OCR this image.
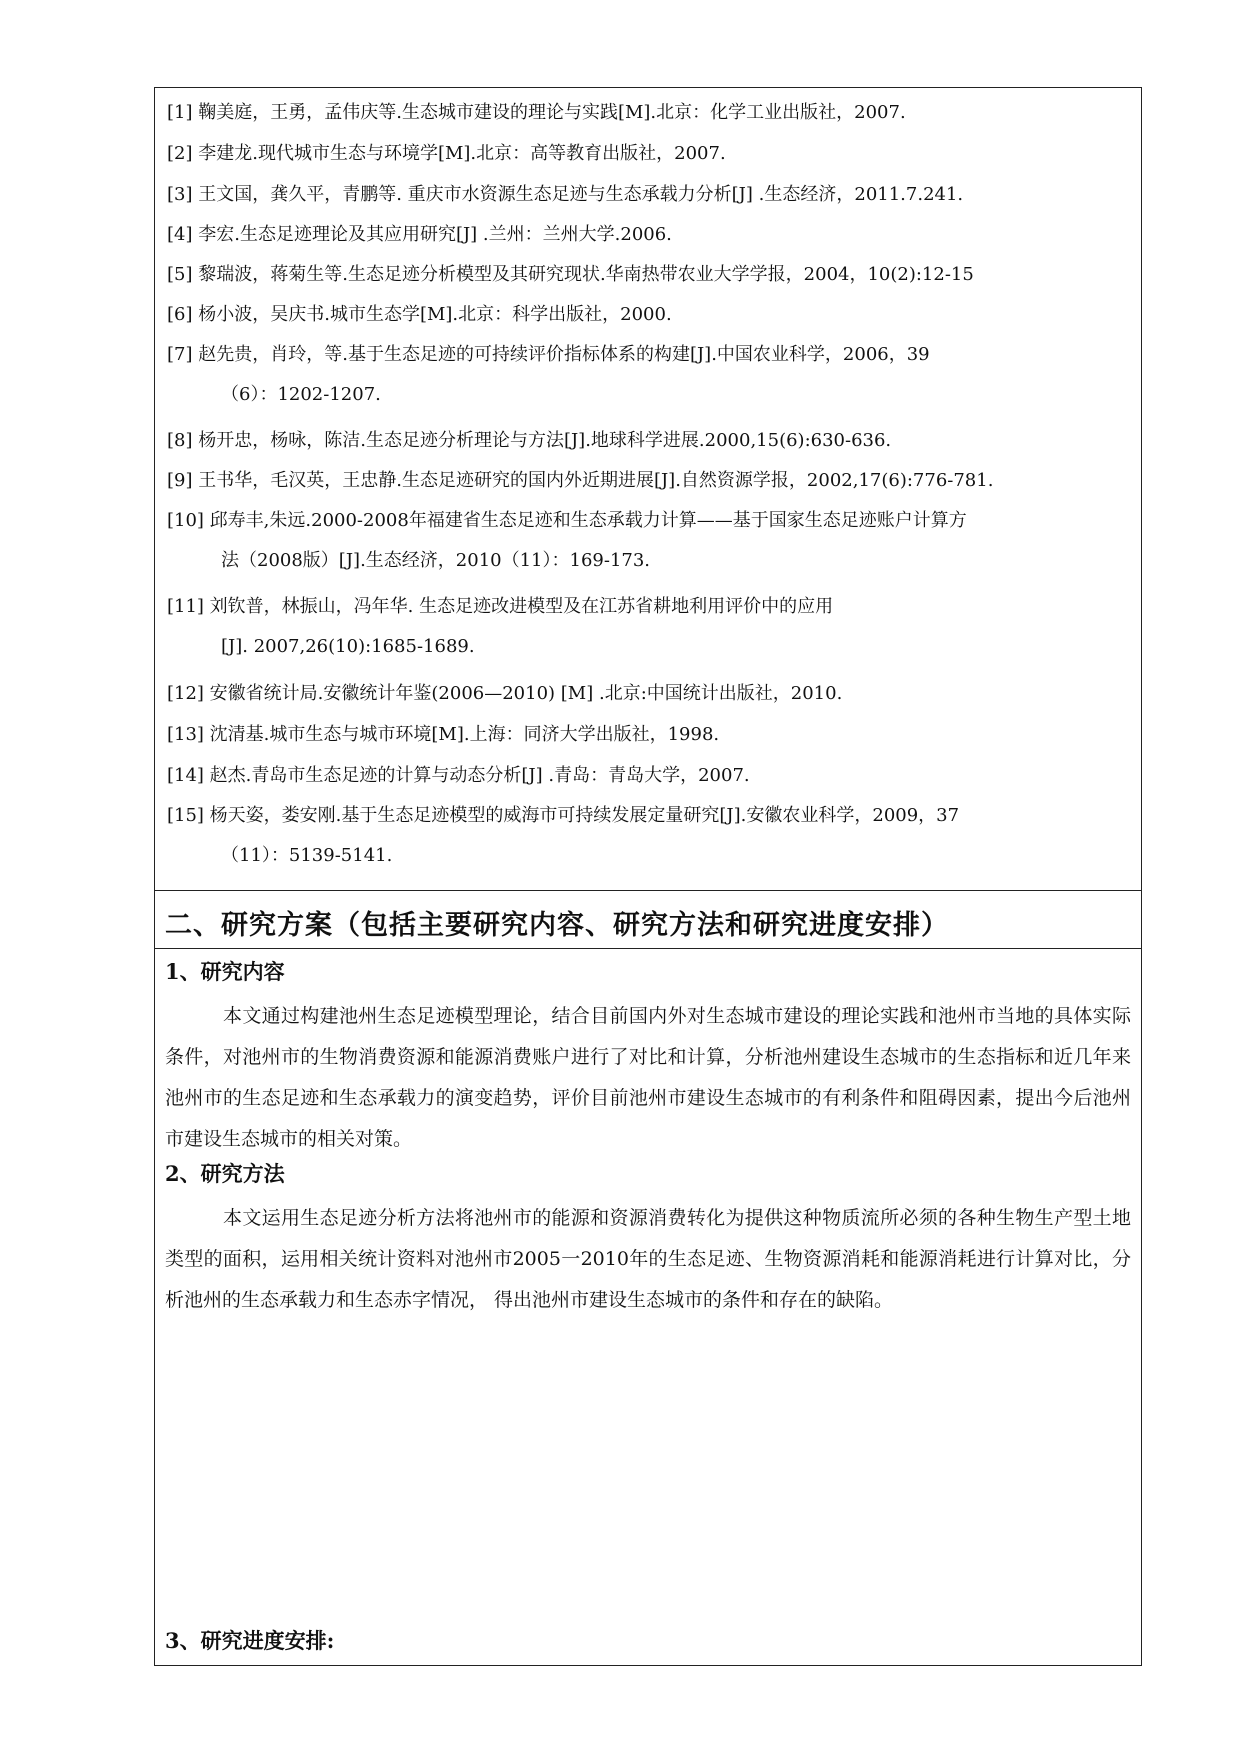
[1] 鞠美庭，王勇，孟伟庆等.生态城市建设的理论与实践[M].北京：化学工业出版社，2007.
[2] 李建龙.现代城市生态与环境学[M].北京：高等教育出版社，2007.
[3] 王文国，龚久平，青鹏等. 重庆市水资源生态足迹与生态承载力分析[J] .生态经济，2011.7.241.
[4] 李宏.生态足迹理论及其应用研究[J] .兰州：兰州大学.2006.
[5] 黎瑞波，蒋菊生等.生态足迹分析模型及其研究现状.华南热带农业大学学报，2004，10(2):12-15
[6] 杨小波，吴庆书.城市生态学[M].北京：科学出版社，2000.
[7] 赵先贵，肖玲，等.基于生态足迹的可持续评价指标体系的构建[J].中国农业科学，2006，39
（6）：1202-1207.
[8] 杨开忠，杨咏，陈洁.生态足迹分析理论与方法[J].地球科学进展.2000,15(6):630-636.
[9] 王书华，毛汉英，王忠静.生态足迹研究的国内外近期进展[J].自然资源学报，2002,17(6):776-781.
[10] 邱寿丰,朱远.2000-2008年福建省生态足迹和生态承载力计算——基于国家生态足迹账户计算方
法（2008版）[J].生态经济，2010（11）：169-173.
[11] 刘钦普，林振山，冯年华. 生态足迹改进模型及在江苏省耕地利用评价中的应用
[J]. 2007,26(10):1685-1689.
[12] 安徽省统计局.安徽统计年鉴(2006—2010) [M] .北京:中国统计出版社，2010.
[13] 沈清基.城市生态与城市环境[M].上海：同济大学出版社，1998.
[14] 赵杰.青岛市生态足迹的计算与动态分析[J] .青岛：青岛大学，2007.
[15] 杨天姿，娄安刚.基于生态足迹模型的威海市可持续发展定量研究[J].安徽农业科学，2009，37
（11）：5139-5141.
二、研究方案（包括主要研究内容、研究方法和研究进度安排）
1、研究内容
本文通过构建池州生态足迹模型理论，结合目前国内外对生态城市建设的理论实践和池州市当地的具体实际条件，对池州市的生物消费资源和能源消费账户进行了对比和计算，分析池州建设生态城市的生态指标和近几年来池州市的生态足迹和生态承载力的演变趋势，评价目前池州市建设生态城市的有利条件和阻碍因素，提出今后池州市建设生态城市的相关对策。
2、研究方法
本文运用生态足迹分析方法将池州市的能源和资源消费转化为提供这种物质流所必须的各种生物生产型土地类型的面积，运用相关统计资料对池州市2005一2010年的生态足迹、生物资源消耗和能源消耗进行计算对比，分析池州的生态承载力和生态赤字情况， 得出池州市建设生态城市的条件和存在的缺陷。
3、研究进度安排:
